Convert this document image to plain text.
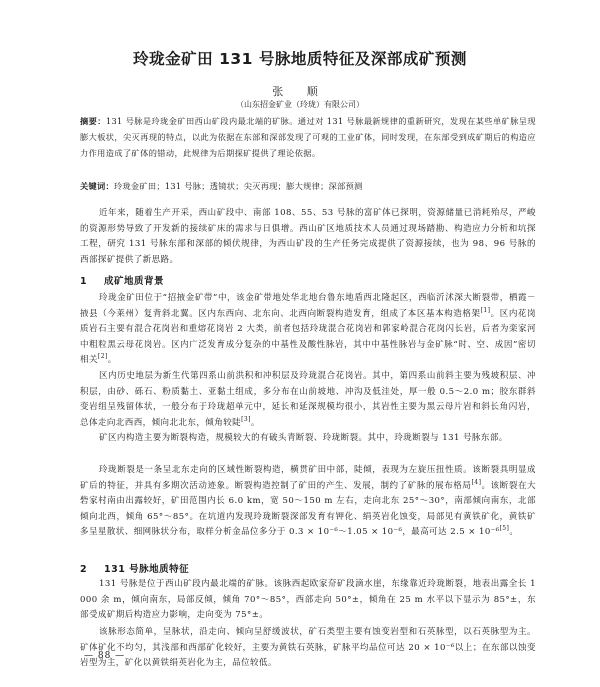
玲珑金矿田 131 号脉地质特征及深部成矿预测
张 顺
（山东招金矿业（玲珑）有限公司）
摘要：131 号脉是玲珑金矿田西山矿段内最北端的矿脉。通过对 131 号脉最新规律的重新研究，发现在某些单矿脉呈现膨大板状，尖灭再现的特点，以此为依据在东部和深部发现了可观的工业矿体，同时发现，在东部受到成矿期后的构造应力作用造成了矿体的错动，此规律为后期探矿提供了理论依据。
关键词：玲珑金矿田；131 号脉；透镜状；尖灭再现；膨大规律；深部预测

近年来，随着生产开采，西山矿段中、南部 108、55、53 号脉的富矿体已探明，资源储量已消耗殆尽，严峻的资源形势导致了开发新的接续矿床的需求与日俱增。西山矿区地质技术人员通过现场踏勘、构造应力分析和坑探工程，研究 131 号脉东部和深部的倾伏规律，为西山矿段的生产任务完成提供了资源接续，也为 98、96 号脉的西部探矿提供了新思路。

1 成矿地质背景

玲珑金矿田位于“招掖金矿带”中，该金矿带地处华北地台鲁东地盾西北隆起区，西临沂沭深大断裂带，栖霞－掖县（今莱州）复背斜北翼。区内东西向、北东向、北西向断裂构造发育，组成了本区基本构造格架[1]。区内花岗质岩石主要有混合花岗岩和重熔花岗岩 2 大类，前者包括玲珑混合花岗岩和郭家岭混合花岗闪长岩，后者为栾家河中粗粒黑云母花岗岩。区内广泛发育成分复杂的中基性及酸性脉岩，其中中基性脉岩与金矿脉“时、空、成因”密切相关[2]。

区内历史地层为新生代第四系山前洪积和冲积层及玲珑混合花岗岩。其中，第四系山前斜主要为残坡积层、冲积层，由砂、砾石、粉质黏土、亚黏土组成，多分布在山前坡地、冲沟及低洼处，厚一般 0.5～2.0 m；胶东群斜变岩组呈残留体状，一般分布于玲珑超单元中，延长和延深规模均很小，其岩性主要为黑云母片岩和斜长角闪岩，总体走向北西西，倾向北北东，倾角较陡[3]。

矿区内构造主要为断裂构造，规模较大的有破头青断裂、玲珑断裂。其中，玲珑断裂与 131 号脉东部。

玲珑断裂是一条呈北东走向的区域性断裂构造，横贯矿田中部，陡倾，表现为左旋压扭性质。该断裂具明显成矿后的特征，并具有多期次活动迹象。断裂构造控制了矿田的产生、发展，制约了矿脉的展布格局[4]。该断裂在大砦家村南由出露较好，矿田范围内长 6.0 km，宽 50～150 m 左右，走向北东 25°～30°，南部倾向南东，北部倾向北西，倾角 65°～85°。在坑道内发现玲珑断裂深部发育有钾化、绢英岩化蚀变，局部见有黄铁矿化，黄铁矿多呈星散状、细网脉状分布，取样分析金品位多分于 0.3 × 10⁻⁶～1.05 × 10⁻⁶，最高可达 2.5 × 10⁻⁶[5]。

2 131 号脉地质特征

131 号脉是位于西山矿段内最北端的矿脉。该脉西起欧家夼矿段滴水崖，东缘靠近玲珑断裂，地表出露全长 1 000 余 m，倾向南东，局部反倾，倾角 70°～85°，西部走向 50°±，倾角在 25 m 水平以下显示为 85°±，东部受成矿期后构造应力影响，走向变为 75°±。

该脉形态简单，呈脉状，沿走向、倾向呈舒缓波状，矿石类型主要有蚀变岩型和石英脉型，以石英脉型为主。矿体矿化不均匀，其浅部和西部矿化较好，主要为黄铁石英脉，矿脉平均品位可达 20 × 10⁻⁶以上；在东部以蚀变岩型为主，矿化以黄铁绢英岩化为主，品位较低。

— 88 —
